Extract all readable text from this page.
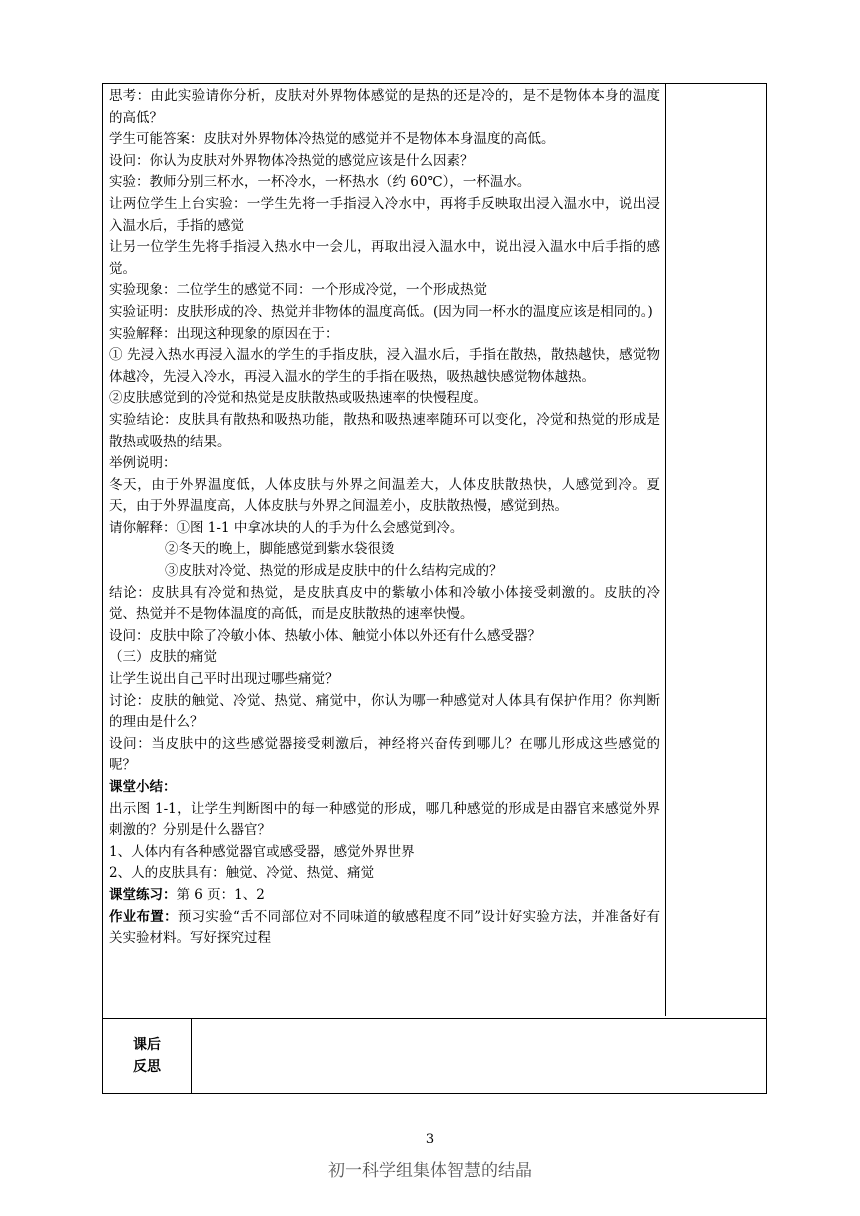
思考：由此实验请你分析，皮肤对外界物体感觉的是热的还是冷的，是不是物体本身的温度的高低？

学生可能答案：皮肤对外界物体冷热觉的感觉并不是物体本身温度的高低。

设问：你认为皮肤对外界物体冷热觉的感觉应该是什么因素？

实验：教师分别三杯水，一杯冷水，一杯热水（约 60℃），一杯温水。

让两位学生上台实验：一学生先将一手指浸入冷水中，再将手反映取出浸入温水中，说出浸入温水后，手指的感觉

让另一位学生先将手指浸入热水中一会儿，再取出浸入温水中，说出浸入温水中后手指的感觉。

实验现象：二位学生的感觉不同：一个形成冷觉，一个形成热觉

实验证明：皮肤形成的冷、热觉并非物体的温度高低。(因为同一杯水的温度应该是相同的。)

实验解释：出现这种现象的原因在于：

① 先浸入热水再浸入温水的学生的手指皮肤，浸入温水后，手指在散热，散热越快，感觉物体越冷，先浸入冷水，再浸入温水的学生的手指在吸热，吸热越快感觉物体越热。

②皮肤感觉到的冷觉和热觉是皮肤散热或吸热速率的快慢程度。

实验结论：皮肤具有散热和吸热功能，散热和吸热速率随环可以变化，冷觉和热觉的形成是散热或吸热的结果。

举例说明：

冬天，由于外界温度低，人体皮肤与外界之间温差大，人体皮肤散热快，人感觉到冷。夏天，由于外界温度高，人体皮肤与外界之间温差小，皮肤散热慢，感觉到热。

请你解释：①图 1-1 中拿冰块的人的手为什么会感觉到冷。

②冬天的晚上，脚能感觉到紫水袋很烫

③皮肤对冷觉、热觉的形成是皮肤中的什么结构完成的？

结论：皮肤具有冷觉和热觉，是皮肤真皮中的紫敏小体和冷敏小体接受刺激的。皮肤的冷觉、热觉并不是物体温度的高低，而是皮肤散热的速率快慢。

设问：皮肤中除了冷敏小体、热敏小体、触觉小体以外还有什么感受器？

（三）皮肤的痛觉

让学生说出自己平时出现过哪些痛觉？

讨论：皮肤的触觉、冷觉、热觉、痛觉中，你认为哪一种感觉对人体具有保护作用？你判断的理由是什么？

设问：当皮肤中的这些感觉器接受刺激后，神经将兴奋传到哪儿？在哪儿形成这些感觉的呢？

课堂小结：

出示图 1-1，让学生判断图中的每一种感觉的形成，哪几种感觉的形成是由器官来感觉外界刺激的？分别是什么器官？

1、人体内有各种感觉器官或感受器，感觉外界世界

2、人的皮肤具有：触觉、冷觉、热觉、痛觉

课堂练习：第 6 页：1、2

作业布置：预习实验“舌不同部位对不同味道的敏感程度不同”设计好实验方法，并准备好有关实验材料。写好探究过程

课后
反思
3
初一科学组集体智慧的结晶
